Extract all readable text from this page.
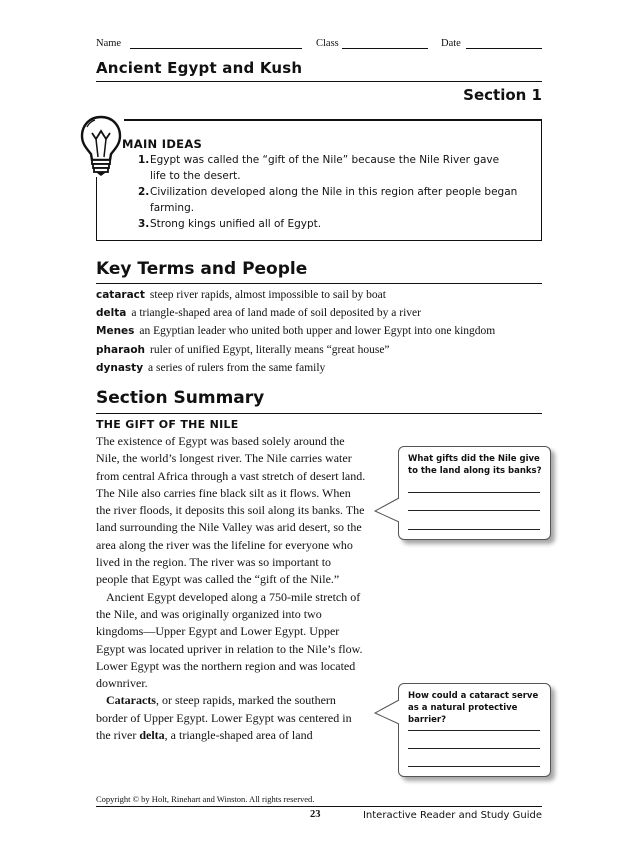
Name	Class	Date
Ancient Egypt and Kush
Section 1
MAIN IDEAS
1. Egypt was called the “gift of the Nile” because the Nile River gave life to the desert.
2. Civilization developed along the Nile in this region after people began farming.
3. Strong kings unified all of Egypt.
Key Terms and People
cataract steep river rapids, almost impossible to sail by boat
delta a triangle-shaped area of land made of soil deposited by a river
Menes an Egyptian leader who united both upper and lower Egypt into one kingdom
pharaoh ruler of unified Egypt, literally means “great house”
dynasty a series of rulers from the same family
Section Summary
THE GIFT OF THE NILE

The existence of Egypt was based solely around the Nile, the world’s longest river. The Nile carries water from central Africa through a vast stretch of desert land. The Nile also carries fine black silt as it flows. When the river floods, it deposits this soil along its banks. The land surrounding the Nile Valley was arid desert, so the area along the river was the lifeline for everyone who lived in the region. The river was so important to people that Egypt was called the “gift of the Nile.”

Ancient Egypt developed along a 750-mile stretch of the Nile, and was originally organized into two kingdoms—Upper Egypt and Lower Egypt. Upper Egypt was located upriver in relation to the Nile’s flow. Lower Egypt was the northern region and was located downriver.

Cataracts, or steep rapids, marked the southern border of Upper Egypt. Lower Egypt was centered in the river delta, a triangle-shaped area of land

What gifts did the Nile give to the land along its banks?
How could a cataract serve as a natural protective barrier?
Copyright © by Holt, Rinehart and Winston. All rights reserved.
23	Interactive Reader and Study Guide
